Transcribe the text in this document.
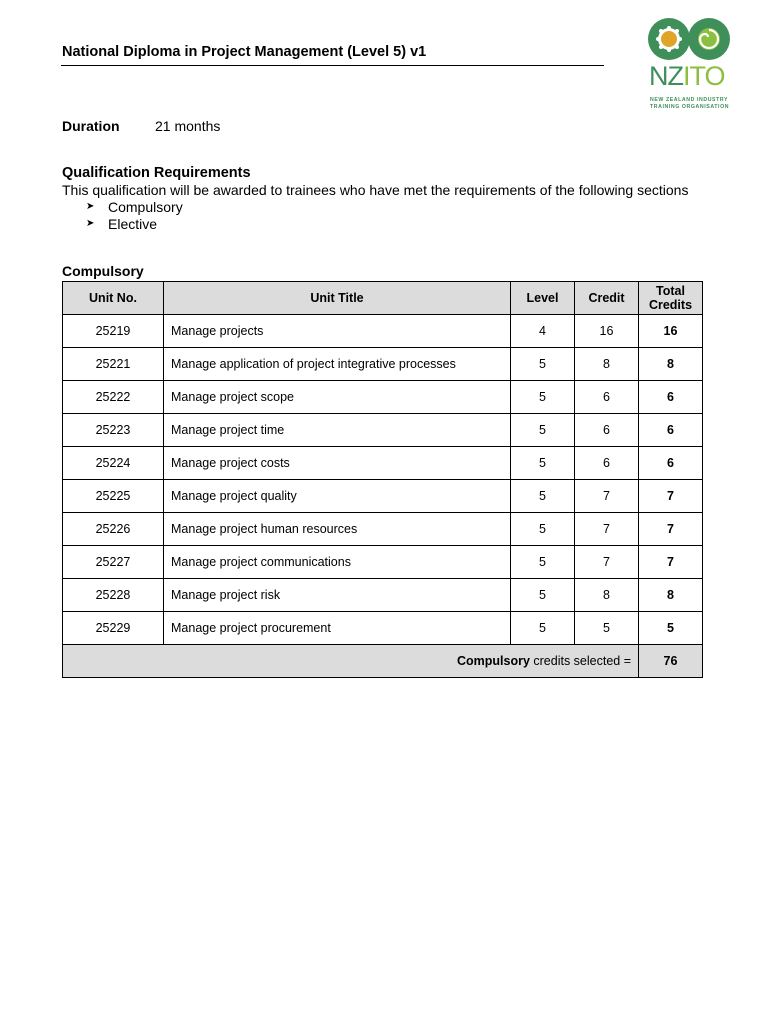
National Diploma in Project Management (Level 5) v1
NZITO
NEW ZEALAND INDUSTRY
TRAINING ORGANISATION
Duration	21 months
Qualification Requirements
This qualification will be awarded to trainees who have met the requirements of the following sections
➤ Compulsory
➤ Elective
Compulsory
Unit No.	Unit Title	Level	Credit	Total
Credits

25219	Manage projects	4	16	16
25221	Manage application of project integrative processes	5	8	8
25222	Manage project scope	5	6	6
25223	Manage project time	5	6	6
25224	Manage project costs	5	6	6
25225	Manage project quality	5	7	7
25226	Manage project human resources	5	7	7
25227	Manage project communications	5	7	7
25228	Manage project risk	5	8	8
25229	Manage project procurement	5	5	5
Compulsory credits selected =				76
